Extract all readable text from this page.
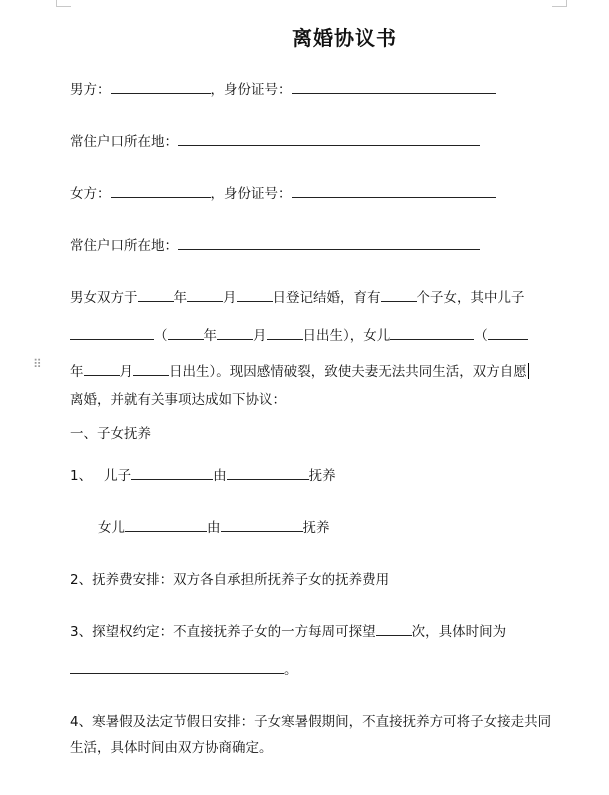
离婚协议书
男方：	，身份证号：
常住户口所在地：
女方：	，身份证号：
常住户口所在地：
男女双方于	年	月	日登记结婚，育有	个子女，其中儿子
（	年	月	日出生），女儿	（
⠿ 年	月	日出生）。现因感情破裂，致使夫妻无法共同生活，双方自愿
离婚，并就有关事项达成如下协议：
一、子女抚养
1、 儿子	由	抚养
女儿	由	抚养
2、抚养费安排：双方各自承担所抚养子女的抚养费用
3、探望权约定：不直接抚养子女的一方每周可探望	次，具体时间为
。
4、寒暑假及法定节假日安排：子女寒暑假期间，不直接抚养方可将子女接走共同
生活，具体时间由双方协商确定。
